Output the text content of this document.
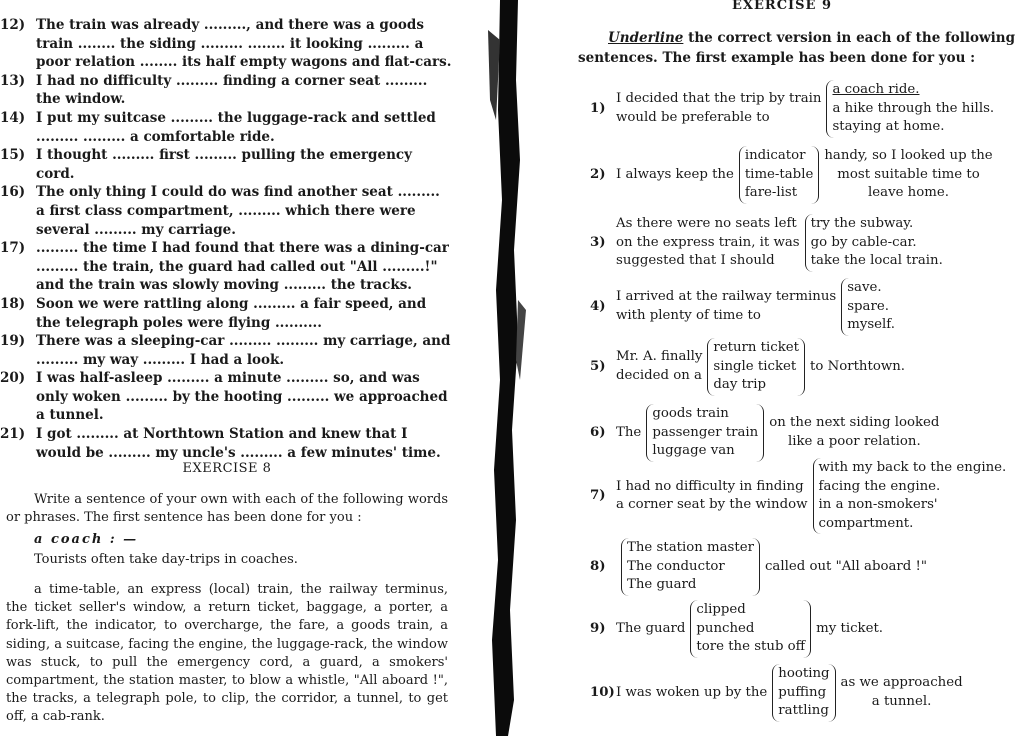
12) The train was already ........., and there was a goods train ........ the siding ......... ........ it looking ......... a poor relation ........ its half empty wagons and flat-cars.
13) I had no difficulty ......... finding a corner seat ......... the window.
14) I put my suitcase ......... the luggage-rack and settled ......... ......... a comfortable ride.
15) I thought ......... first ......... pulling the emergency cord.
16) The only thing I could do was find another seat ......... a first class compartment, ......... which there were several ......... my carriage.
17) ......... the time I had found that there was a dining-car ......... the train, the guard had called out "All .........!" and the train was slowly moving ......... the tracks.
18) Soon we were rattling along ......... a fair speed, and the telegraph poles were flying ..........
19) There was a sleeping-car ......... ......... my carriage, and ......... my way ......... I had a look.
20) I was half-asleep ......... a minute ......... so, and was only woken ......... by the hooting ......... we approached a tunnel.
21) I got ......... at Northtown Station and knew that I would be ......... my uncle's ......... a few minutes' time.
EXERCISE 8
Write a sentence of your own with each of the following words or phrases. The first sentence has been done for you :
a coach : —
Tourists often take day-trips in coaches.
a time-table, an express (local) train, the railway terminus, the ticket seller's window, a return ticket, baggage, a porter, a fork-lift, the indicator, to overcharge, the fare, a goods train, a siding, a suitcase, facing the engine, the luggage-rack, the window was stuck, to pull the emergency cord, a guard, a smokers' compartment, the station master, to blow a whistle, "All aboard !", the tracks, a telegraph pole, to clip, the corridor, a tunnel, to get off, a cab-rank.
EXERCISE 9
Underline the correct version in each of the following sentences. The first example has been done for you :
1)
I decided that the trip by train
would be preferable to
a coach ride.
a hike through the hills.
staying at home.
2) I always keep the
indicator
time-table
fare-list
handy, so I looked up the
most suitable time to
leave home.
3)
As there were no seats left
on the express train, it was
suggested that I should
try the subway.
go by cable-car.
take the local train.
4)
I arrived at the railway terminus
with plenty of time to
save.
spare.
myself.
5)
Mr. A. finally
decided on a
return ticket
single ticket
day trip
to Northtown.
6) The
goods train
passenger train
luggage van
on the next siding looked
like a poor relation.
7)
I had no difficulty in finding
a corner seat by the window
with my back to the engine.
facing the engine.
in a non-smokers'
compartment.
8)
The station master
The conductor
The guard
called out "All aboard !"
9) The guard
clipped
punched
tore the stub off
my ticket.
10) I was woken up by the
hooting
puffing
rattling
as we approached
a tunnel.
